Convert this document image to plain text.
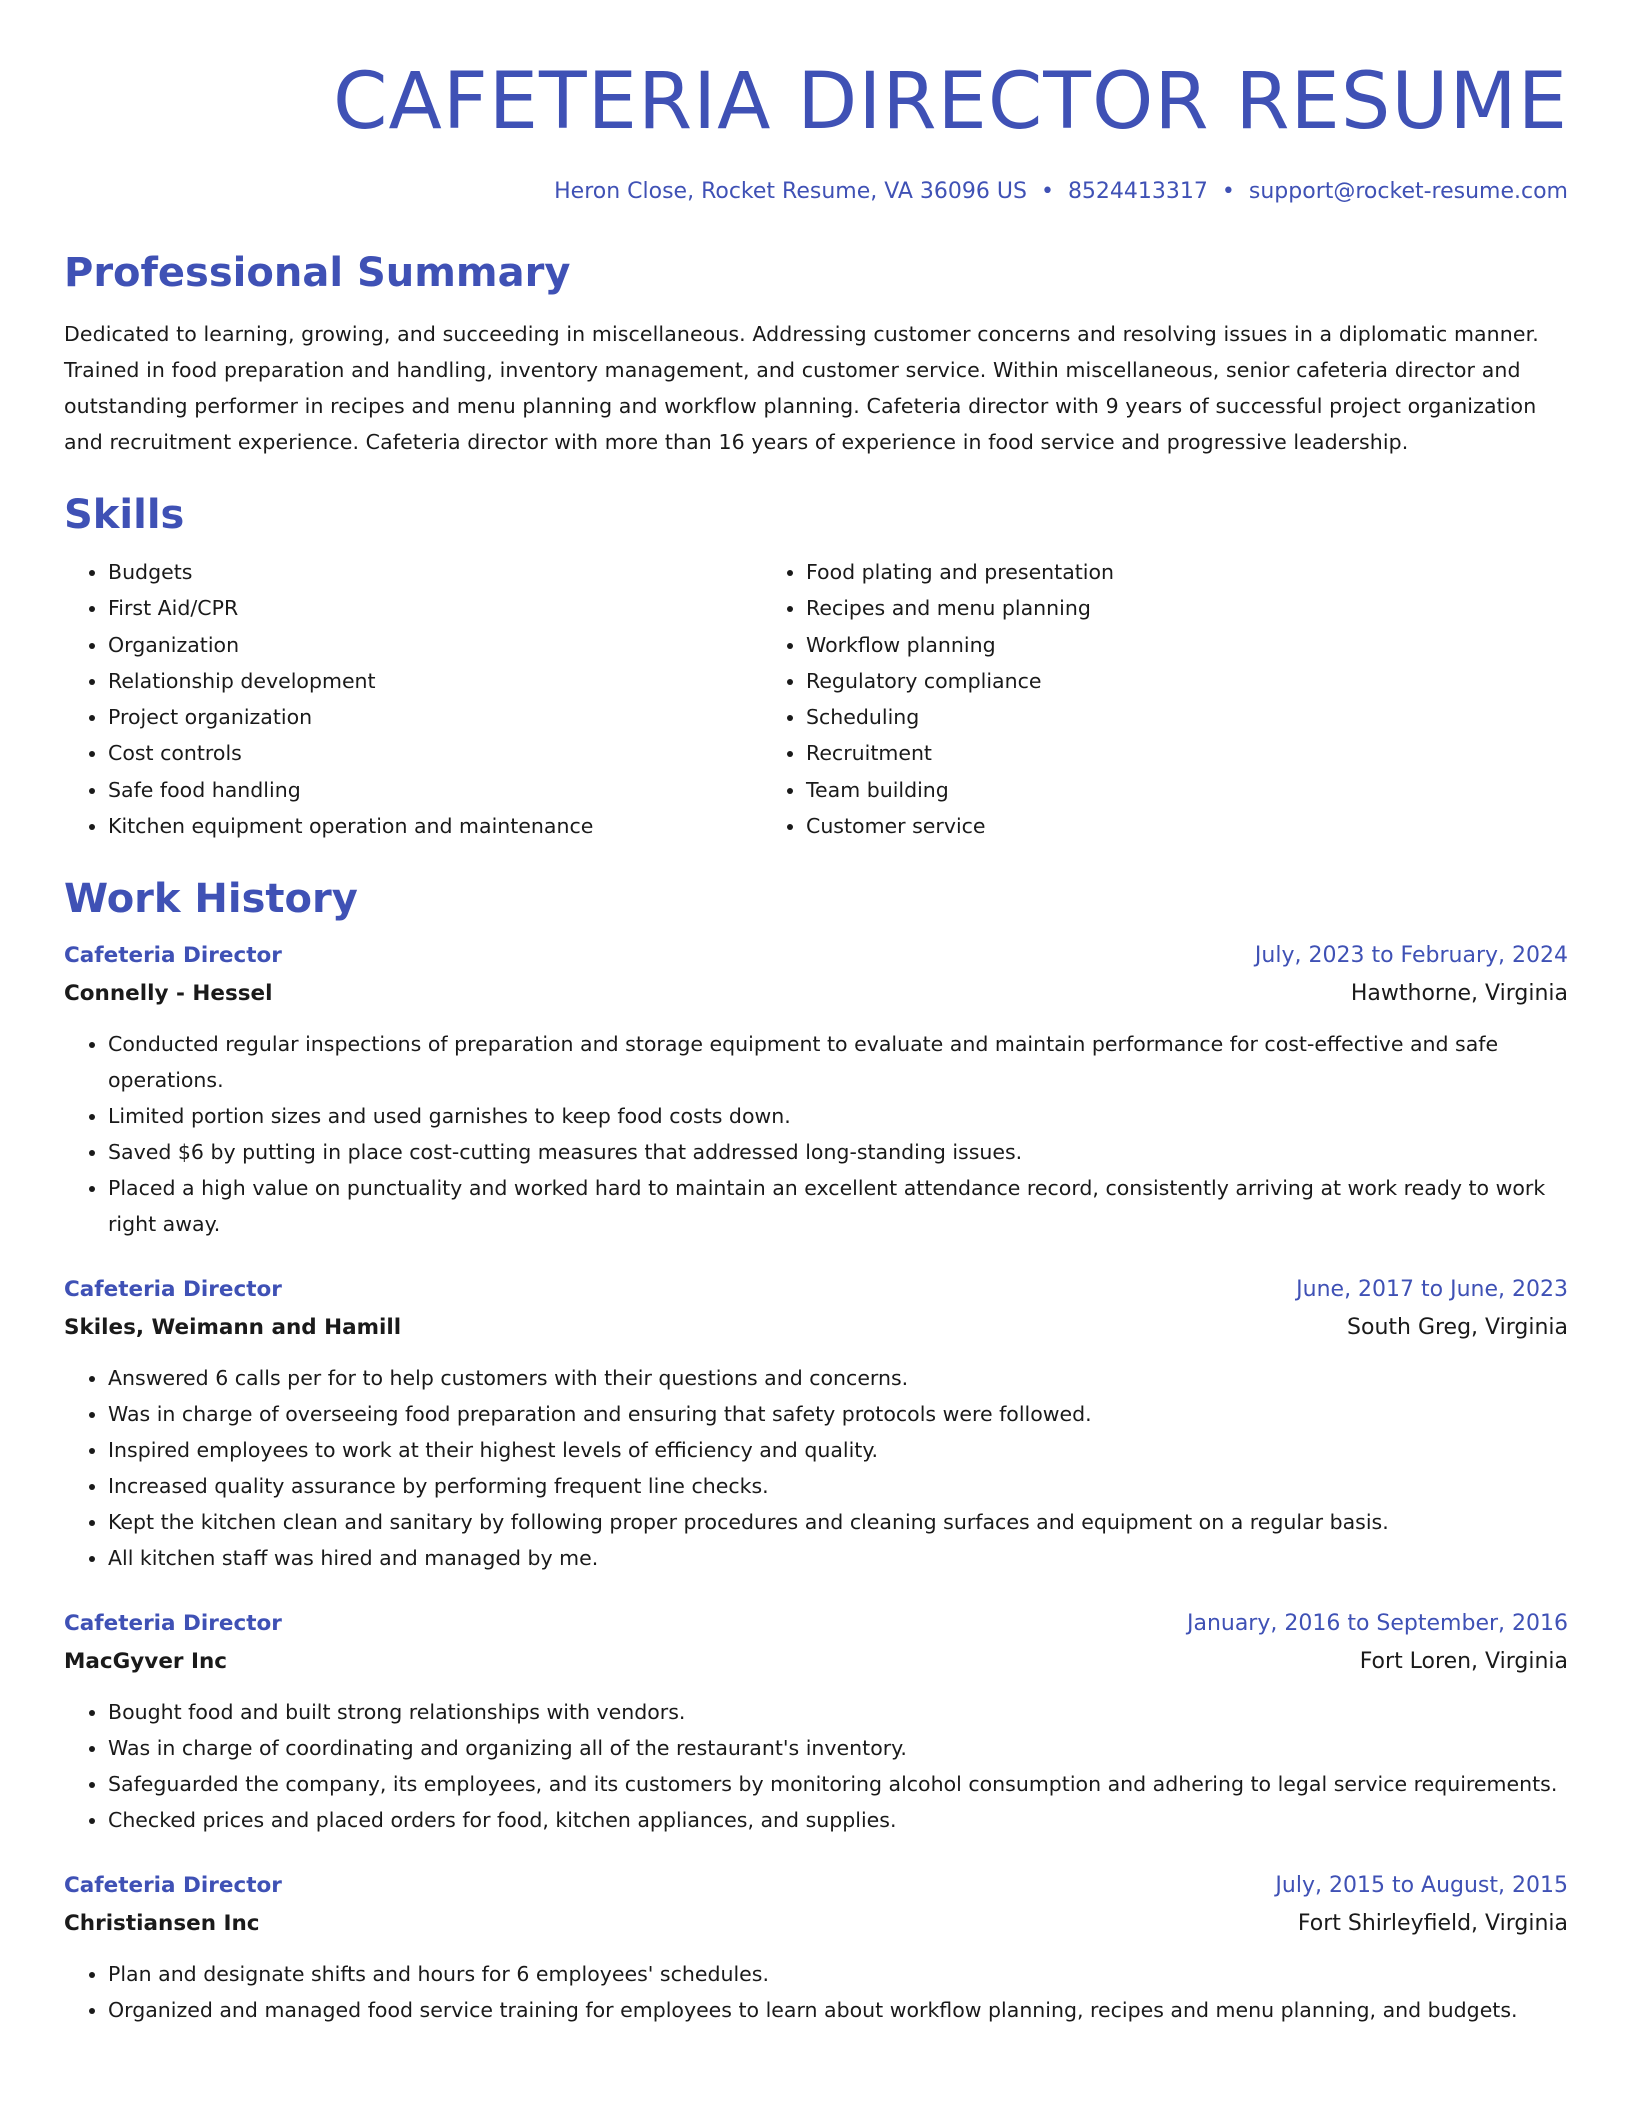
CAFETERIA DIRECTOR RESUME
Heron Close, Rocket Resume, VA 36096 US • 8524413317 • support@rocket-resume.com
Professional Summary
Dedicated to learning, growing, and succeeding in miscellaneous. Addressing customer concerns and resolving issues in a diplomatic manner. Trained in food preparation and handling, inventory management, and customer service. Within miscellaneous, senior cafeteria director and outstanding performer in recipes and menu planning and workflow planning. Cafeteria director with 9 years of successful project organization and recruitment experience. Cafeteria director with more than 16 years of experience in food service and progressive leadership.
Skills
• Budgets
• First Aid/CPR
• Organization
• Relationship development
• Project organization
• Cost controls
• Safe food handling
• Kitchen equipment operation and maintenance
• Food plating and presentation
• Recipes and menu planning
• Workflow planning
• Regulatory compliance
• Scheduling
• Recruitment
• Team building
• Customer service
Work History
Cafeteria Director	July, 2023 to February, 2024
Connelly - Hessel	Hawthorne, Virginia
• Conducted regular inspections of preparation and storage equipment to evaluate and maintain performance for cost-effective and safe operations.
• Limited portion sizes and used garnishes to keep food costs down.
• Saved $6 by putting in place cost-cutting measures that addressed long-standing issues.
• Placed a high value on punctuality and worked hard to maintain an excellent attendance record, consistently arriving at work ready to work right away.
Cafeteria Director	June, 2017 to June, 2023
Skiles, Weimann and Hamill	South Greg, Virginia
• Answered 6 calls per for to help customers with their questions and concerns.
• Was in charge of overseeing food preparation and ensuring that safety protocols were followed.
• Inspired employees to work at their highest levels of efficiency and quality.
• Increased quality assurance by performing frequent line checks.
• Kept the kitchen clean and sanitary by following proper procedures and cleaning surfaces and equipment on a regular basis.
• All kitchen staff was hired and managed by me.
Cafeteria Director	January, 2016 to September, 2016
MacGyver Inc	Fort Loren, Virginia
• Bought food and built strong relationships with vendors.
• Was in charge of coordinating and organizing all of the restaurant's inventory.
• Safeguarded the company, its employees, and its customers by monitoring alcohol consumption and adhering to legal service requirements.
• Checked prices and placed orders for food, kitchen appliances, and supplies.
Cafeteria Director	July, 2015 to August, 2015
Christiansen Inc	Fort Shirleyfield, Virginia
• Plan and designate shifts and hours for 6 employees' schedules.
• Organized and managed food service training for employees to learn about workflow planning, recipes and menu planning, and budgets.
